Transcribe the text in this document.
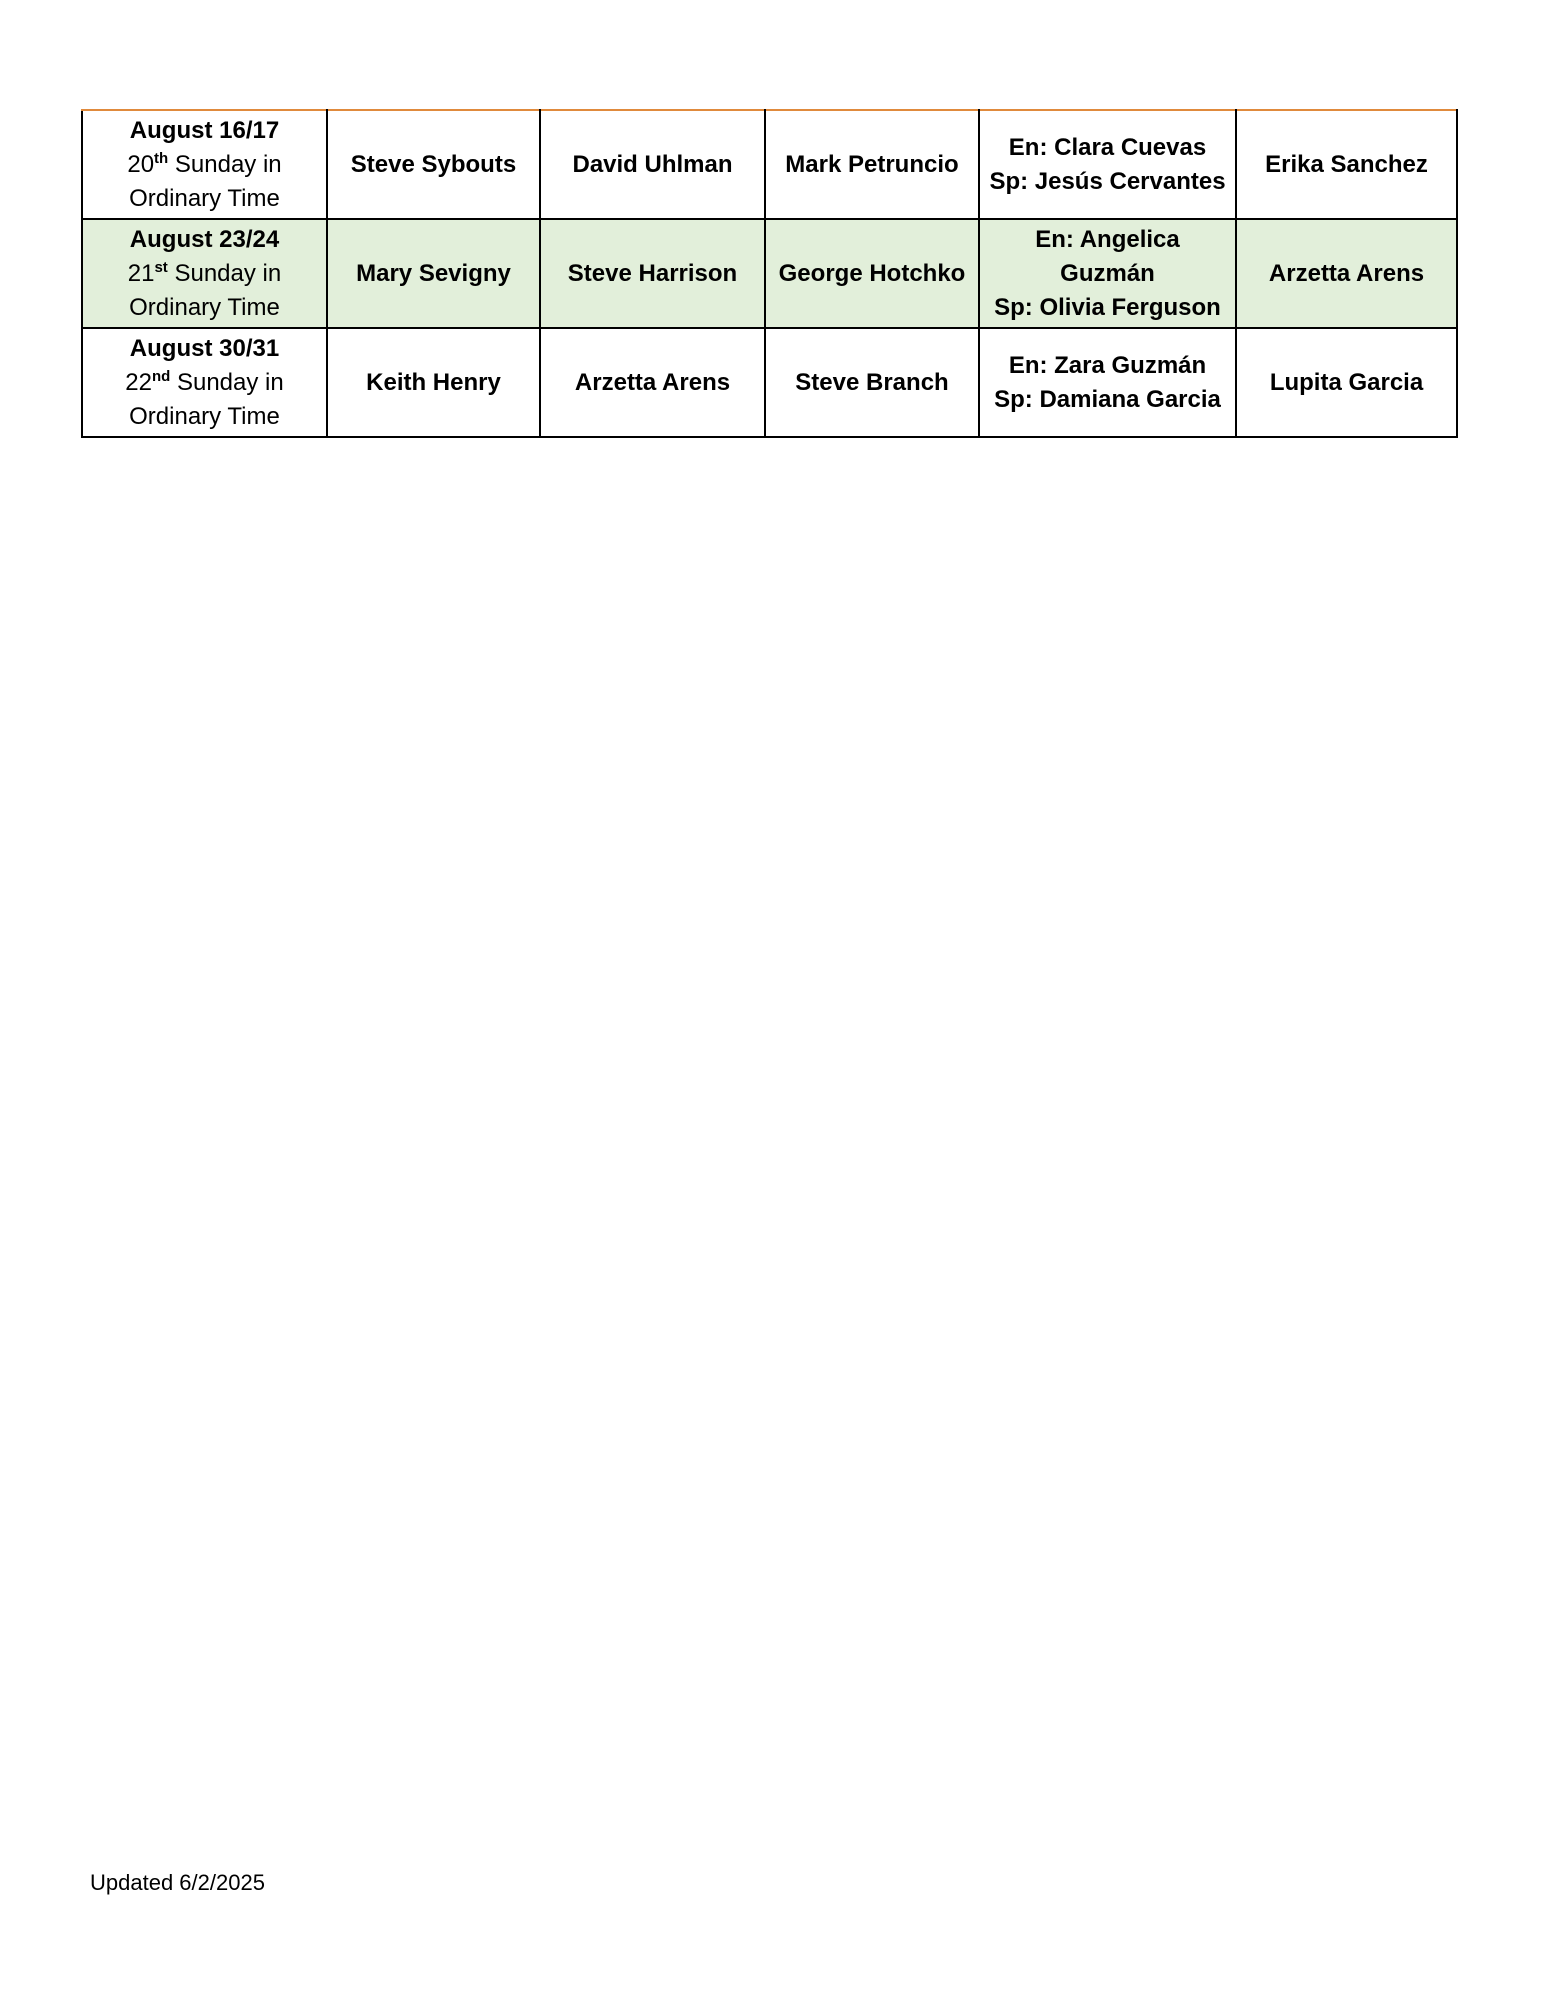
August 16/17
20th Sunday in
Ordinary Time	Steve Sybouts	David Uhlman	Mark Petruncio	En: Clara Cuevas
Sp: Jesús Cervantes	Erika Sanchez

August 23/24
21st Sunday in
Ordinary Time	Mary Sevigny	Steve Harrison	George Hotchko	En: Angelica
Guzmán
Sp: Olivia Ferguson	Arzetta Arens

August 30/31
22nd Sunday in
Ordinary Time	Keith Henry	Arzetta Arens	Steve Branch	En: Zara Guzmán
Sp: Damiana Garcia	Lupita Garcia
Updated 6/2/2025
